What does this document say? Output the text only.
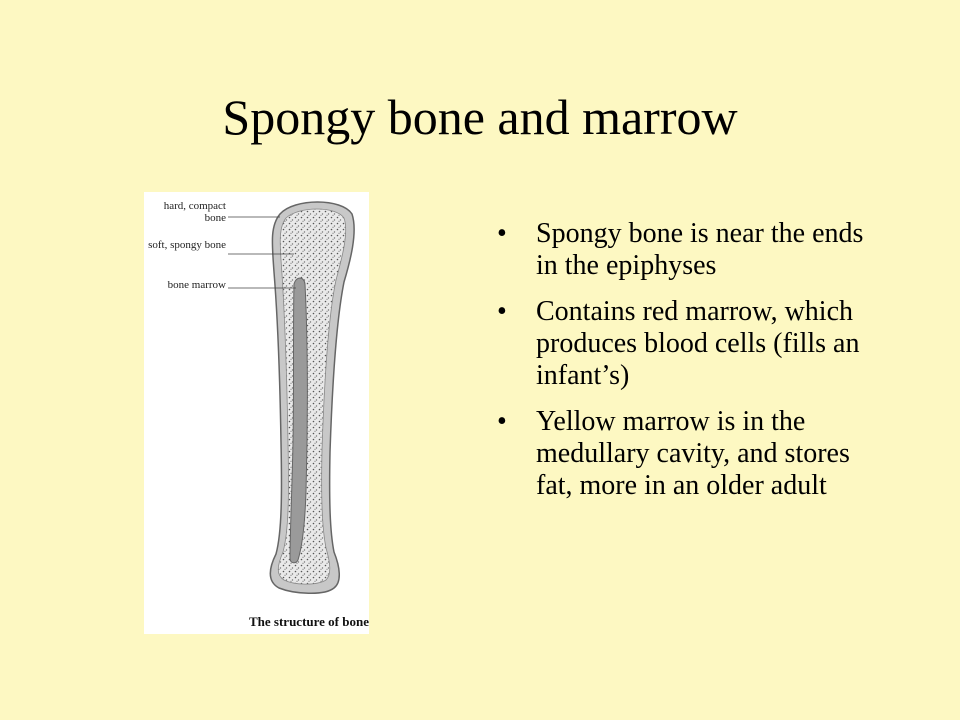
Spongy bone and marrow
hard, compact bone
soft, spongy bone
bone marrow
The structure of bone
• Spongy bone is near the ends in the epiphyses
• Contains red marrow, which produces blood cells (fills an infant’s)
• Yellow marrow is in the medullary cavity, and stores fat, more in an older adult
